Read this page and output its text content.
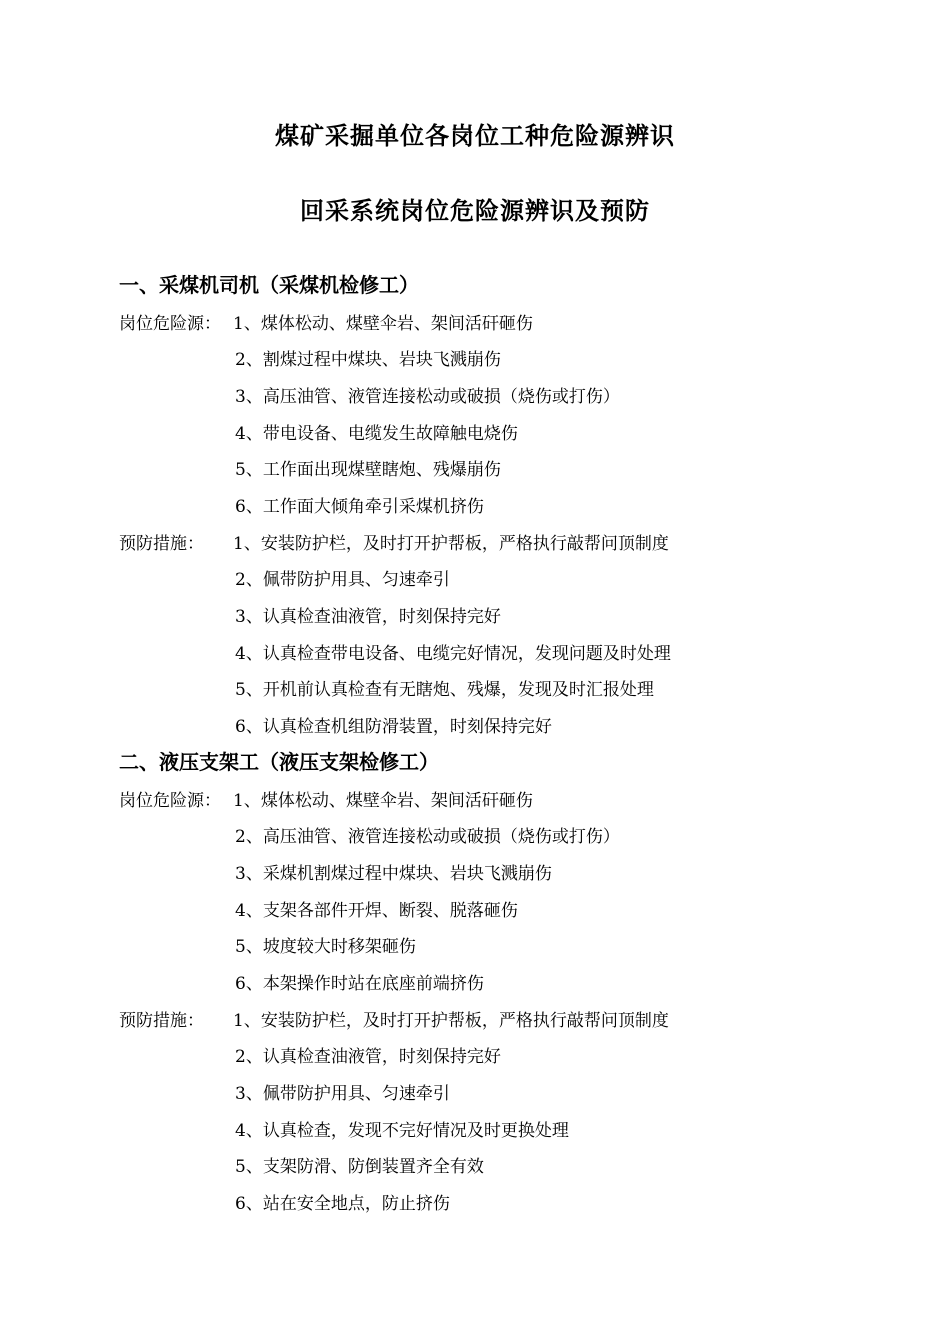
煤矿采掘单位各岗位工种危险源辨识
回采系统岗位危险源辨识及预防
一、采煤机司机（采煤机检修工）
岗位危险源： 1、煤体松动、煤壁伞岩、架间活矸砸伤
2、割煤过程中煤块、岩块飞溅崩伤
3、高压油管、液管连接松动或破损（烧伤或打伤）
4、带电设备、电缆发生故障触电烧伤
5、工作面出现煤壁瞎炮、残爆崩伤
6、工作面大倾角牵引采煤机挤伤
预防措施： 1、安装防护栏，及时打开护帮板，严格执行敲帮问顶制度
2、佩带防护用具、匀速牵引
3、认真检查油液管，时刻保持完好
4、认真检查带电设备、电缆完好情况，发现问题及时处理
5、开机前认真检查有无瞎炮、残爆，发现及时汇报处理
6、认真检查机组防滑装置，时刻保持完好
二、液压支架工（液压支架检修工）
岗位危险源： 1、煤体松动、煤壁伞岩、架间活矸砸伤
2、高压油管、液管连接松动或破损（烧伤或打伤）
3、采煤机割煤过程中煤块、岩块飞溅崩伤
4、支架各部件开焊、断裂、脱落砸伤
5、坡度较大时移架砸伤
6、本架操作时站在底座前端挤伤
预防措施： 1、安装防护栏，及时打开护帮板，严格执行敲帮问顶制度
2、认真检查油液管，时刻保持完好
3、佩带防护用具、匀速牵引
4、认真检查，发现不完好情况及时更换处理
5、支架防滑、防倒装置齐全有效
6、站在安全地点，防止挤伤
